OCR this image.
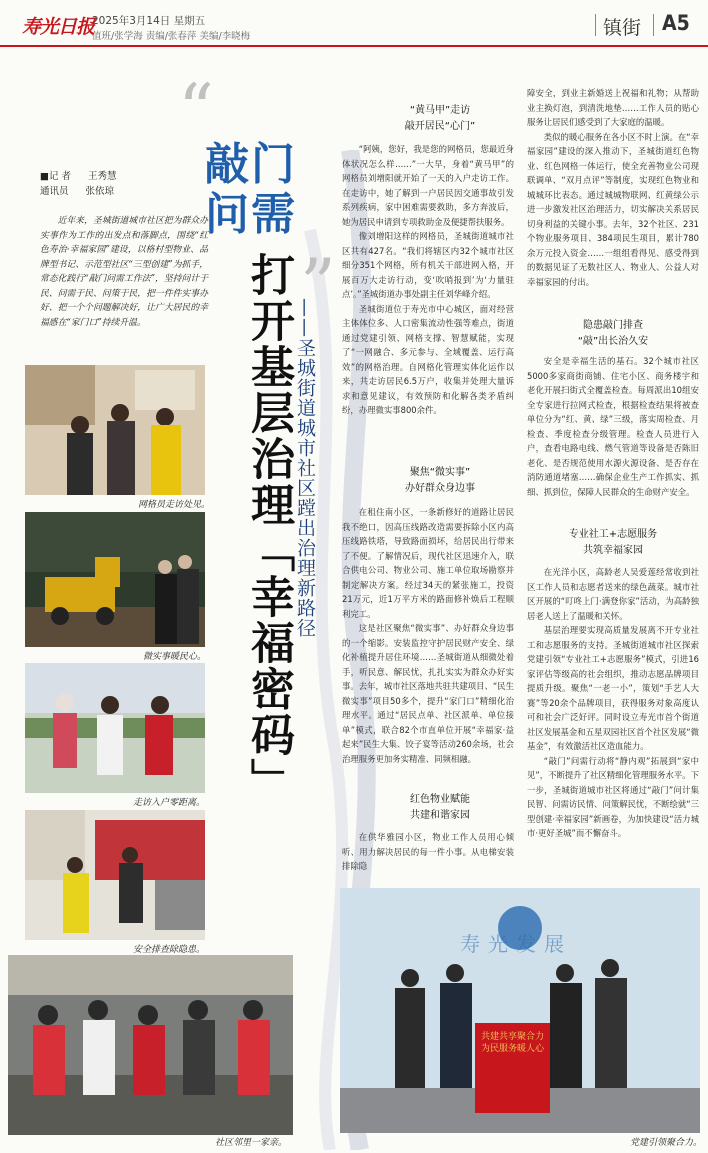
寿光日报
2025年3月14日 星期五
值班/张学海 责编/张春萍 美编/李晓梅	镇街 A5
■记 者 王秀慧
通讯员 张依琼
近年来，圣城街道城市社区把为群众办实事作为工作的出发点和落脚点，围绕“红色寿治·幸福家园”建设，以格村型物业、品牌型书记、示范型社区“三型创建”为抓手，常态化践行“敲门问需工作法”，坚持问计于民、问需于民、问策于民，把一件件实事办好、把一个个问题解决好，让广大居民的幸福感在“家门口”持续升温。
“
敲门问需
”
打开基层治理「幸福密码」 ——圣城街道城市社区蹚出治理新路径
网格员走访处见。
微实事暖民心。
走访入户零距离。
安全排查除隐患。
社区邻里一家亲。
寿光发展
共建共享聚合力
为民服务暖人心
党建引领聚合力。
“黄马甲”走访
敲开居民“心门”

“阿姨，您好，我是您的网格员，您最近身体状况怎么样……”一大早，身着“黄马甲”的网格员刘增阳就开始了一天的入户走访工作。在走访中，她了解到一户居民因交通事故引发系列疾病，家中困难需要救助，多方奔波后，她为居民申请到专项救助金及便捷帮扶服务。

像刘增阳这样的网格员，圣城街道城市社区共有427名。“我们将辖区内32个城市社区细分351个网格，所有机关干部进网入格，开展百万大走访行动，变‘吹哨报到’为‘力量驻点’。”圣城街道办事处副主任刘华峰介绍。

圣城街道位于寿光市中心城区，面对经营主体体位多、人口密集流动性强等难点，街道通过党建引领、网格支撑、智慧赋能，实现了“一网融合、多元参与、全域覆盖、运行高效”的网格治理。自网格化管理实体化运作以来，共走访居民6.5万户，收集并处理大量诉求和意见建议，有效预防和化解各类矛盾纠纷，办理微实事800余件。

聚焦“微实事”
办好群众身边事

在租住南小区，一条新修好的道路让居民我不绝口，因高压线路改造需要拆除小区内高压线路铁塔，导致路面损坏，给居民出行带来了不便。了解情况后，现代社区迅速介入，联合供电公司、物业公司、施工单位取场勘察并制定解决方案。经过34天的紧张施工，投资21万元，近1万平方米的路面修补焕后工程顺利完工。

这是社区聚焦“微实事”、办好群众身边事的一个缩影。安装监控守护居民财产安全、绿化补植提升居住环境……圣城街道从细微处着手，听民意、解民忧，扎扎实实为群众办好实事。去年，城市社区落地共驻共建项目、“民生微实事”项目50多个，提升“家门口”精细化治理水平。通过“居民点单、社区派单、单位接单”模式，联合82个市直单位开展“幸福家·益起来”民生大集、饺子宴等活动260余场，社会治理服务更加务实精准、同频相融。

红色物业赋能
共建和谐家园

在供华雅园小区，物业工作人员用心倾听、用力解决居民的每一件小事。从电梯安装排除隐

障安全，到业主新婚送上祝福和礼物；从帮助业主换灯泡，到清洗地垫……工作人员的贴心服务让居民们感受到了大家庭的温暖。

类似的暖心服务在各小区不时上演。在“幸福家园”建设的深入推动下，圣城街道红色物业、红色网格一体运行，使全充善物业公司现联调单、“双月点评”等制度，实现红色物业和城城环比表态。通过城城物联网、红黄绿公示进一步激发社区治理活力，切实解决关系居民切身利益的关键小事。去年，32个社区、231个物业服务项目、384项民生项目，累计780余万元投入资金……一组组看得见、感受得到的数据见证了无数社区人、物业人、公益人对幸福家园的付出。

隐患敲门排查
“敲”出长治久安

安全是幸福生活的基石。32个城市社区5000多家商街商铺、住宅小区、商务楼宇和老化开展扫街式全覆盖检查。每周派出10组安全专家进行拉网式检查，根据检查结果将被查单位分为“红、黄、绿”三级，落实周检查、月检查、季度检查分级管理。检查人员进行入户，查看电路电线、燃气管道等设备是否陈旧老化、是否规范使用水源火源设备、是否存在消防通道堵塞……确保企业生产工作抓实、抓细、抓到位，保障人民群众的生命财产安全。

专业社工+志愿服务
共筑幸福家园

在光洋小区，高龄老人吴爱莲经常收到社区工作人员和志愿者送来的绿色蔬菜。城市社区开展的“叮咚上门·满登你家”活动，为高龄独居老人送上了温暖和关怀。

基层治理要实现高质量发展离不开专业社工和志愿服务的支持。圣城街道城市社区探索党建引领“专业社工+志愿服务”模式，引进16家评估等级高的社会组织，推动志愿品牌项目提质升级。聚焦“一老一小”，策划“手艺人大赛”等20余个品牌项目，获得服务对象高度认可和社会广泛好评。同时设立寿光市首个街道社区发展基金和五星双园社区首个社区发展“微基金”，有效激活社区造血能力。

“敲门”问需行动将“静内观”拓展到“家中见”，不断提升了社区精细化管理服务水平。下一步，圣城街道城市社区将通过“敲门”问计集民智、问需访民情、问策解民忧，不断绘就“三型创建·幸福家园”新画卷，为加快建设“活力城市·更好圣城”而不懈奋斗。
